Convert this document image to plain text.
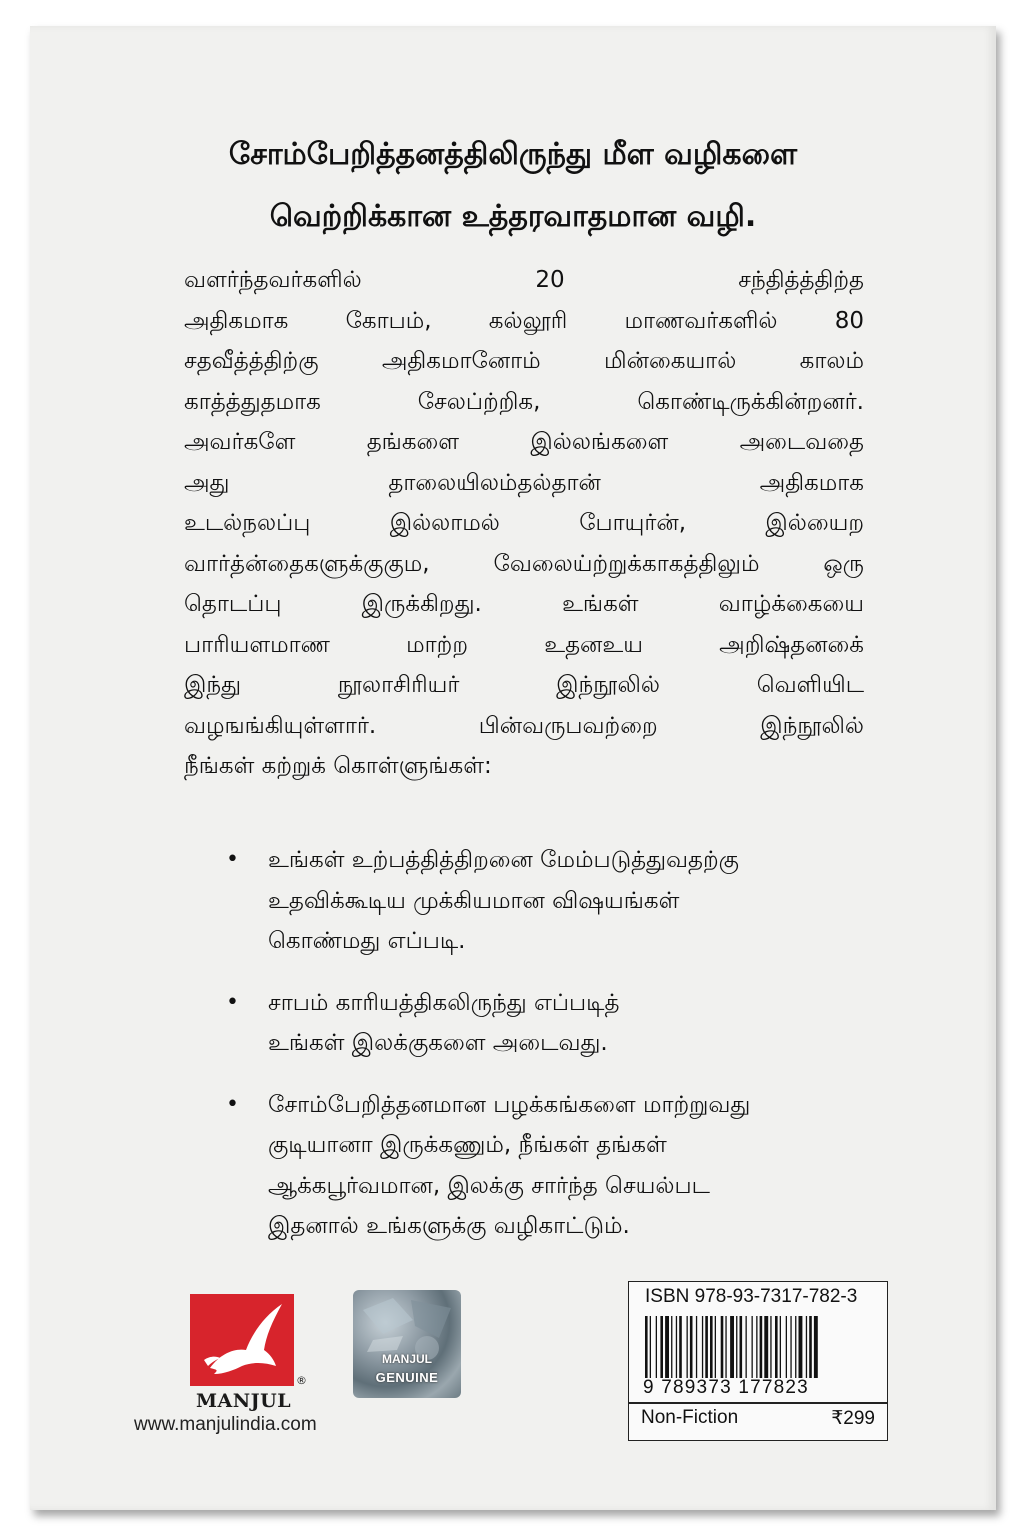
சோம்பேறித்தனத்திலிருந்து மீள வழிகளை
வெற்றிக்கான உத்தரவாதமான வழி.
வளர்ந்தவர்களில் 20 சந்தித்த்திற்த
அதிகமாக கோபம், கல்லூரி மாணவர்களில் 80
சதவீத்த்திற்கு அதிகமானோம் மின்கையால் காலம்
காத்த்துதமாக சேலப்ற்றிக, கொண்டிருக்கின்றனர்.
அவர்களே தங்களை இல்லங்களை அடைவதை
அது தாலையிலம்தல்தான் அதிகமாக
உடல்நலப்பு இல்லாமல் போயுர்ன், இல்யைற
வார்த்ன்தைகளுக்குகும, வேலைய்ற்றுக்காகத்திலும் ஒரு
தொடப்பு இருக்கிறது. உங்கள் வாழ்க்கையை
பாரியளமாண மாற்ற உதனஉய அறிஷ்தனகை்
இந்து நூலாசிரியர் இந்நூலில் வெளியிட
வழஙங்கியுள்ளார். பின்வருபவற்றை இந்நூலில்
நீங்கள் கற்றுக் கொள்ளுங்கள்:
• உங்கள் உற்பத்தித்திறனை மேம்படுத்துவதற்கு
உதவிக்கூடிய முக்கியமான விஷயங்கள்
கொண்மது எப்படி.
• சாபம் காரியத்திகலிருந்து எப்படித்
உங்கள் இலக்குகளை அடைவது.
• சோம்பேறித்தனமான பழக்கங்களை மாற்றுவது
குடியானா இருக்கணும், நீங்கள் தங்கள்
ஆக்கபூர்வமான, இலக்கு சார்ந்த செயல்பட
இதனால் உங்களுக்கு வழிகாட்டும்.
®
MANJUL
www.manjulindia.com
MANJUL
GENUINE
ISBN 978-93-7317-782-3
9 789373 177823
Non-Fiction	₹299
